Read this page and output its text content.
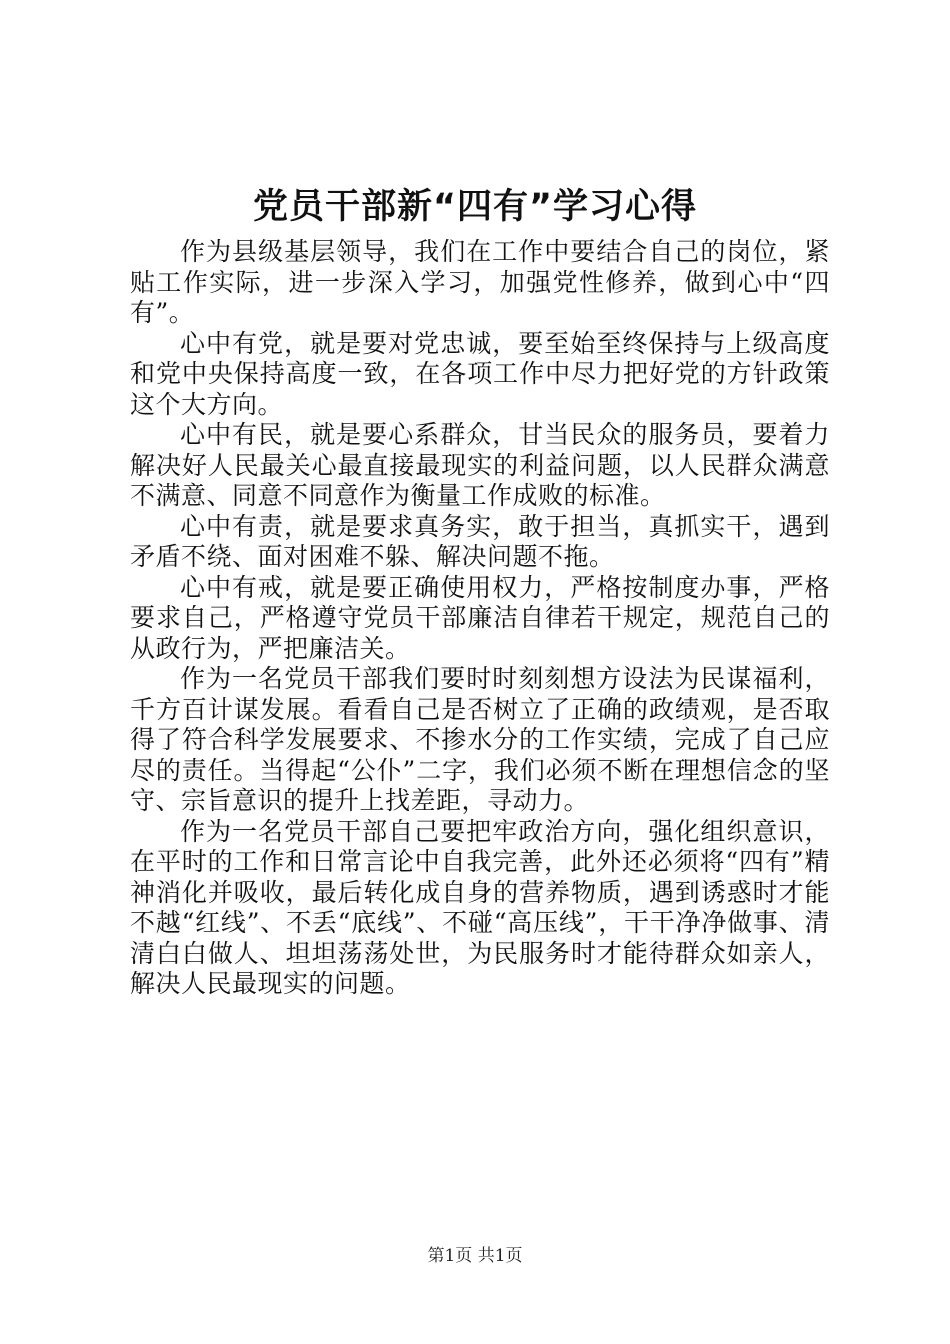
党员干部新“四有”学习心得

作为县级基层领导，我们在工作中要结合自己的岗位，紧贴工作实际，进一步深入学习，加强党性修养，做到心中“四有”。

心中有党，就是要对党忠诚，要至始至终保持与上级高度和党中央保持高度一致，在各项工作中尽力把好党的方针政策这个大方向。

心中有民，就是要心系群众，甘当民众的服务员，要着力解决好人民最关心最直接最现实的利益问题，以人民群众满意不满意、同意不同意作为衡量工作成败的标准。

心中有责，就是要求真务实，敢于担当，真抓实干，遇到矛盾不绕、面对困难不躲、解决问题不拖。

心中有戒，就是要正确使用权力，严格按制度办事，严格要求自己，严格遵守党员干部廉洁自律若干规定，规范自己的从政行为，严把廉洁关。

作为一名党员干部我们要时时刻刻想方设法为民谋福利，千方百计谋发展。看看自己是否树立了正确的政绩观，是否取得了符合科学发展要求、不掺水分的工作实绩，完成了自己应尽的责任。当得起“公仆”二字，我们必须不断在理想信念的坚守、宗旨意识的提升上找差距，寻动力。

作为一名党员干部自己要把牢政治方向，强化组织意识，在平时的工作和日常言论中自我完善，此外还必须将“四有”精神消化并吸收，最后转化成自身的营养物质，遇到诱惑时才能不越“红线”、不丢“底线”、不碰“高压线”，干干净净做事、清清白白做人、坦坦荡荡处世，为民服务时才能待群众如亲人，解决人民最现实的问题。

第1页 共1页
